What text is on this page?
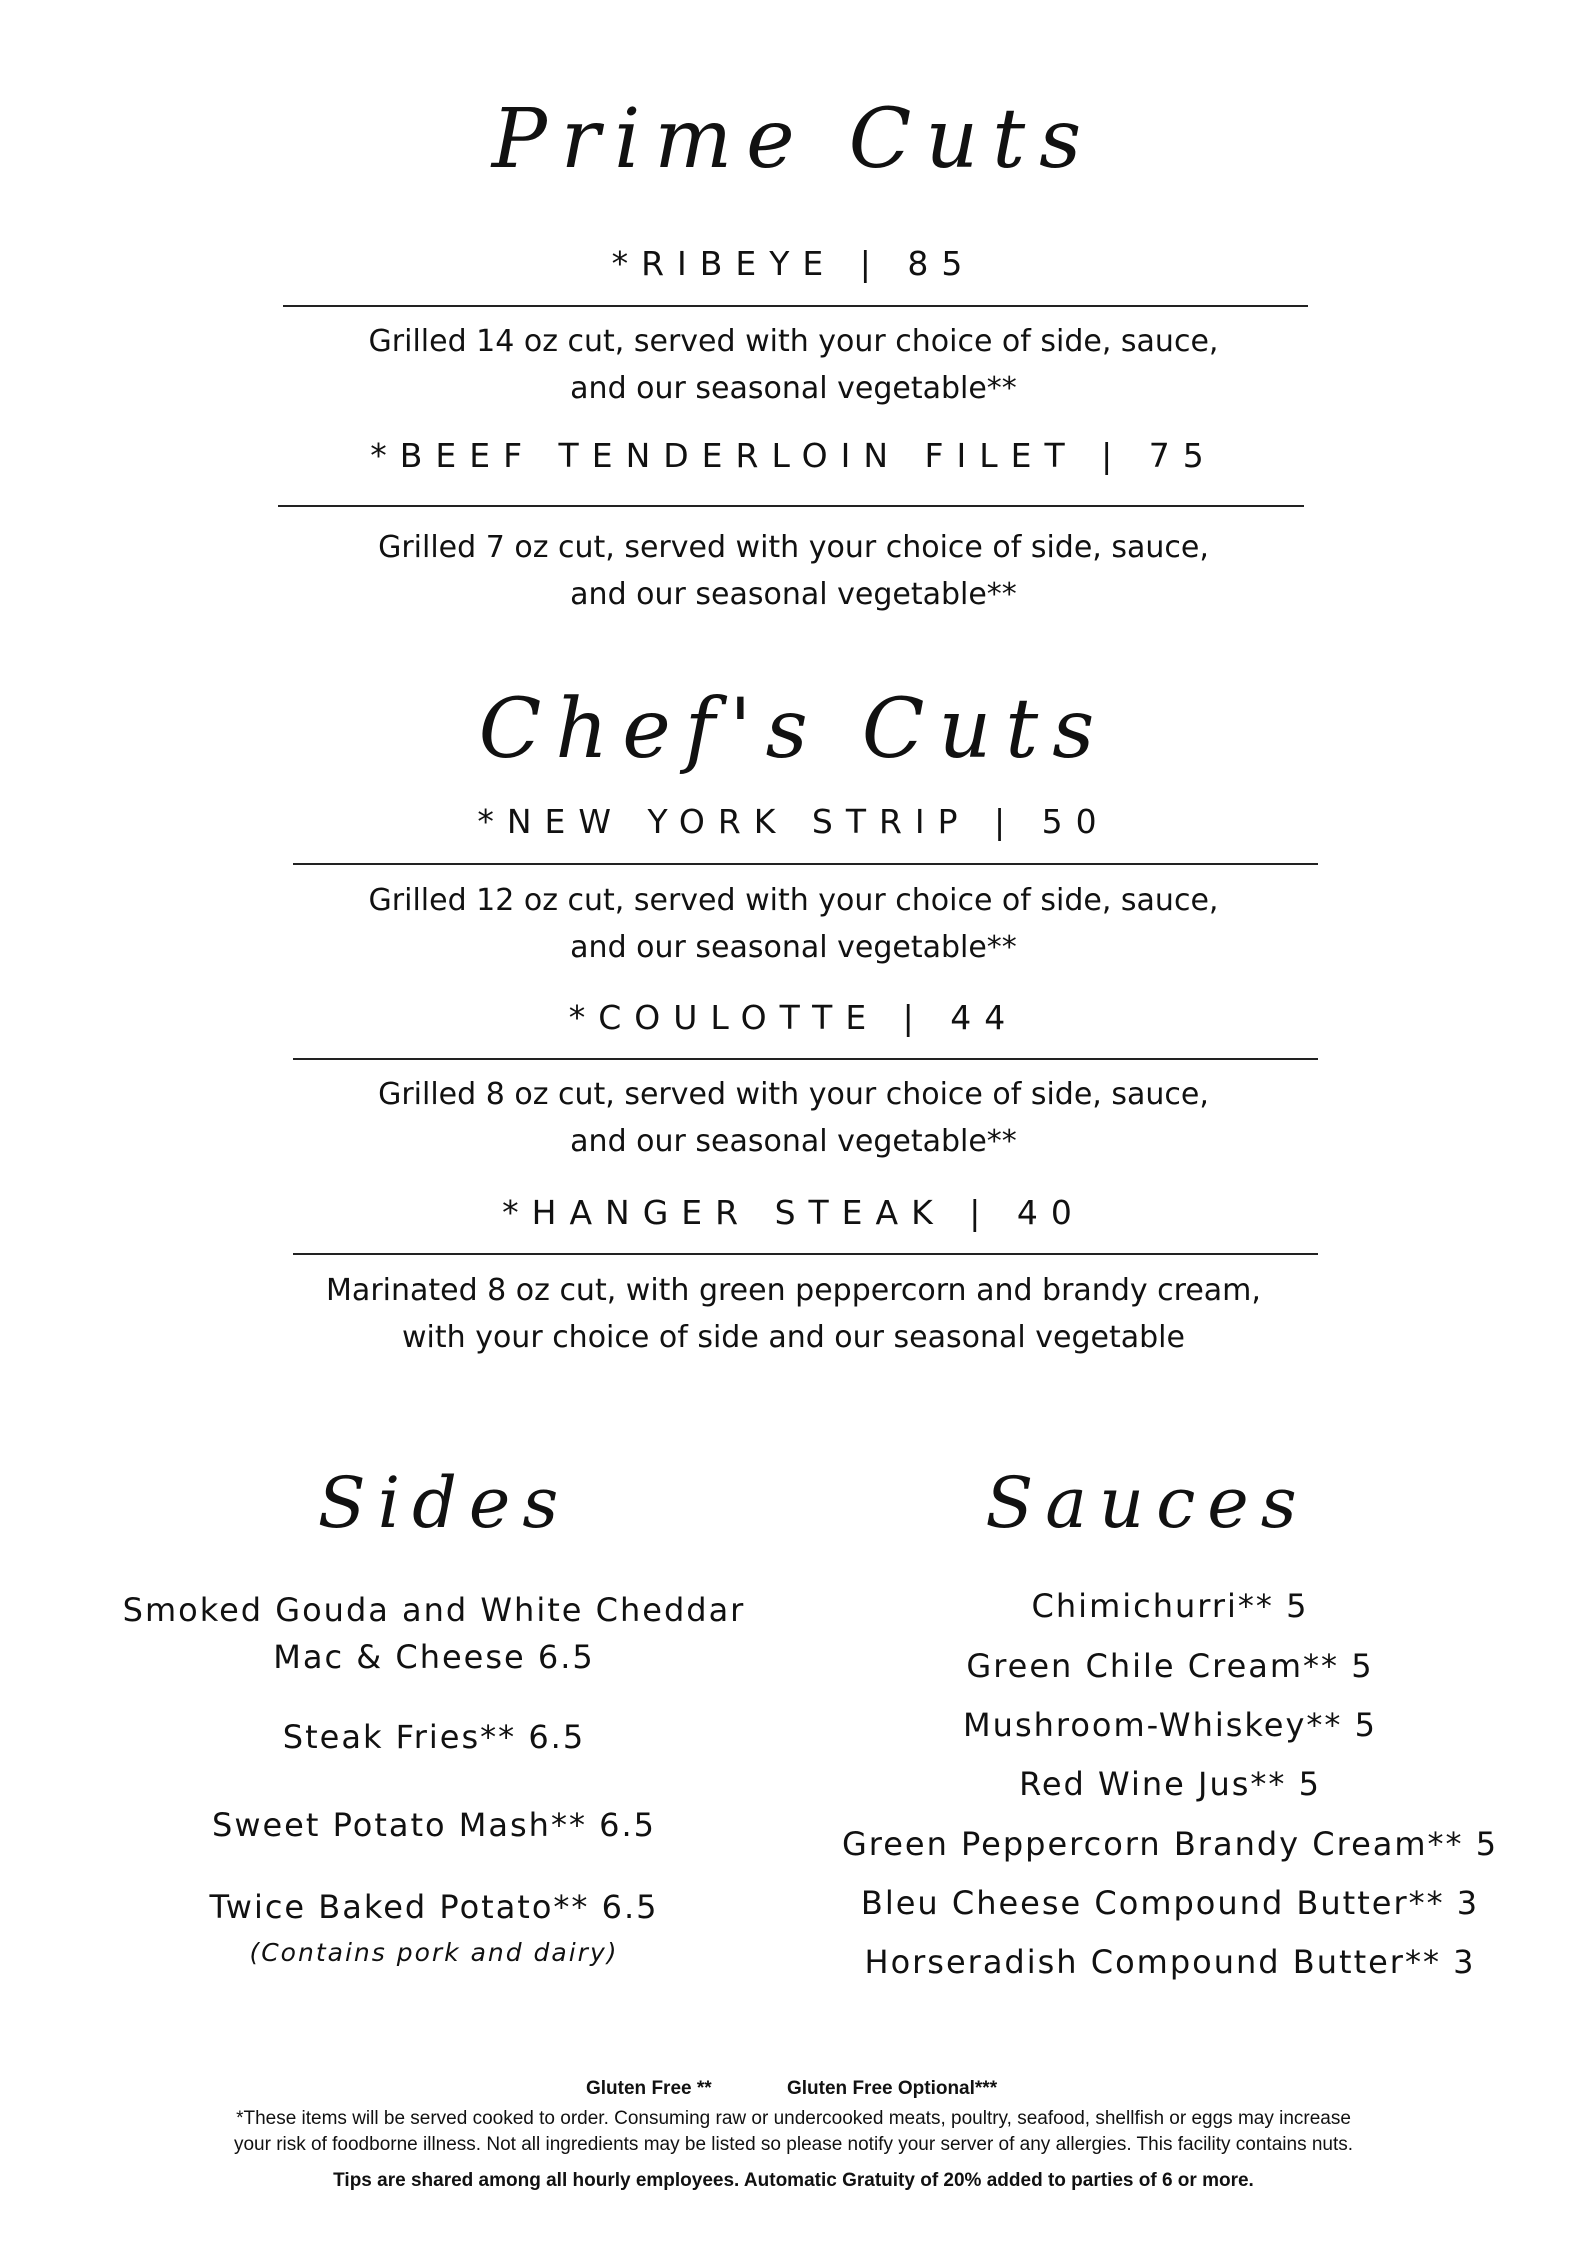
Prime Cuts
*RIBEYE | 85
Grilled 14 oz cut, served with your choice of side, sauce,
and our seasonal vegetable**
*BEEF TENDERLOIN FILET | 75
Grilled 7 oz cut, served with your choice of side, sauce,
and our seasonal vegetable**
Chef's Cuts
*NEW YORK STRIP | 50
Grilled 12 oz cut, served with your choice of side, sauce,
and our seasonal vegetable**
*COULOTTE | 44
Grilled 8 oz cut, served with your choice of side, sauce,
and our seasonal vegetable**
*HANGER STEAK | 40
Marinated 8 oz cut, with green peppercorn and brandy cream,
with your choice of side and our seasonal vegetable
Sides
Smoked Gouda and White Cheddar
Mac & Cheese 6.5
Steak Fries** 6.5
Sweet Potato Mash** 6.5
Twice Baked Potato** 6.5
(Contains pork and dairy)
Sauces
Chimichurri** 5
Green Chile Cream** 5
Mushroom-Whiskey** 5
Red Wine Jus** 5
Green Peppercorn Brandy Cream** 5
Bleu Cheese Compound Butter** 3
Horseradish Compound Butter** 3
Gluten Free **	Gluten Free Optional***
*These items will be served cooked to order. Consuming raw or undercooked meats, poultry, seafood, shellfish or eggs may increase
your risk of foodborne illness. Not all ingredients may be listed so please notify your server of any allergies. This facility contains nuts.
Tips are shared among all hourly employees. Automatic Gratuity of 20% added to parties of 6 or more.
